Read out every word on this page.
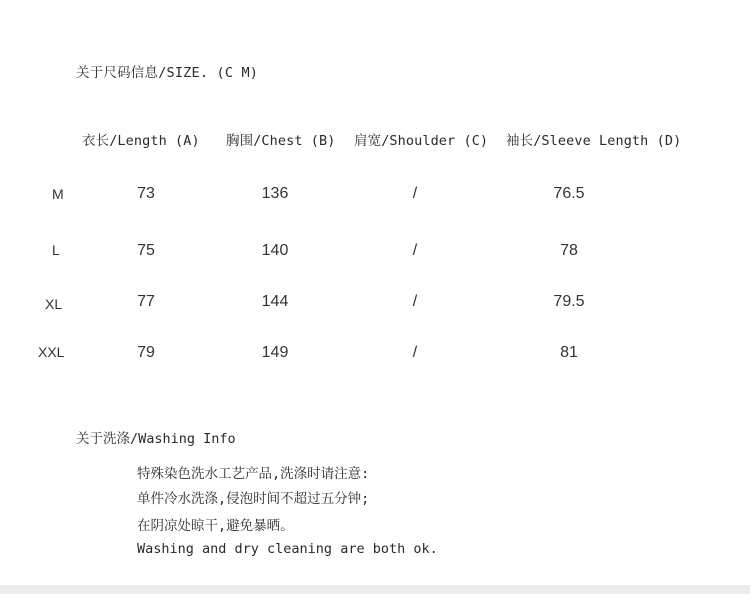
关于尺码信息/SIZE. (C M)
衣长/Length (A) 胸围/Chest (B) 肩宽/Shoulder (C) 袖长/Sleeve Length (D)
M	73	136	/	76.5
L	75	140	/	78
XL	77	144	/	79.5
XXL	79	149	/	81
关于洗涤/Washing Info
特殊染色洗水工艺产品,洗涤时请注意:
单件冷水洗涤,侵泡时间不超过五分钟;
在阴凉处晾干,避免暴晒。
Washing and dry cleaning are both ok.
